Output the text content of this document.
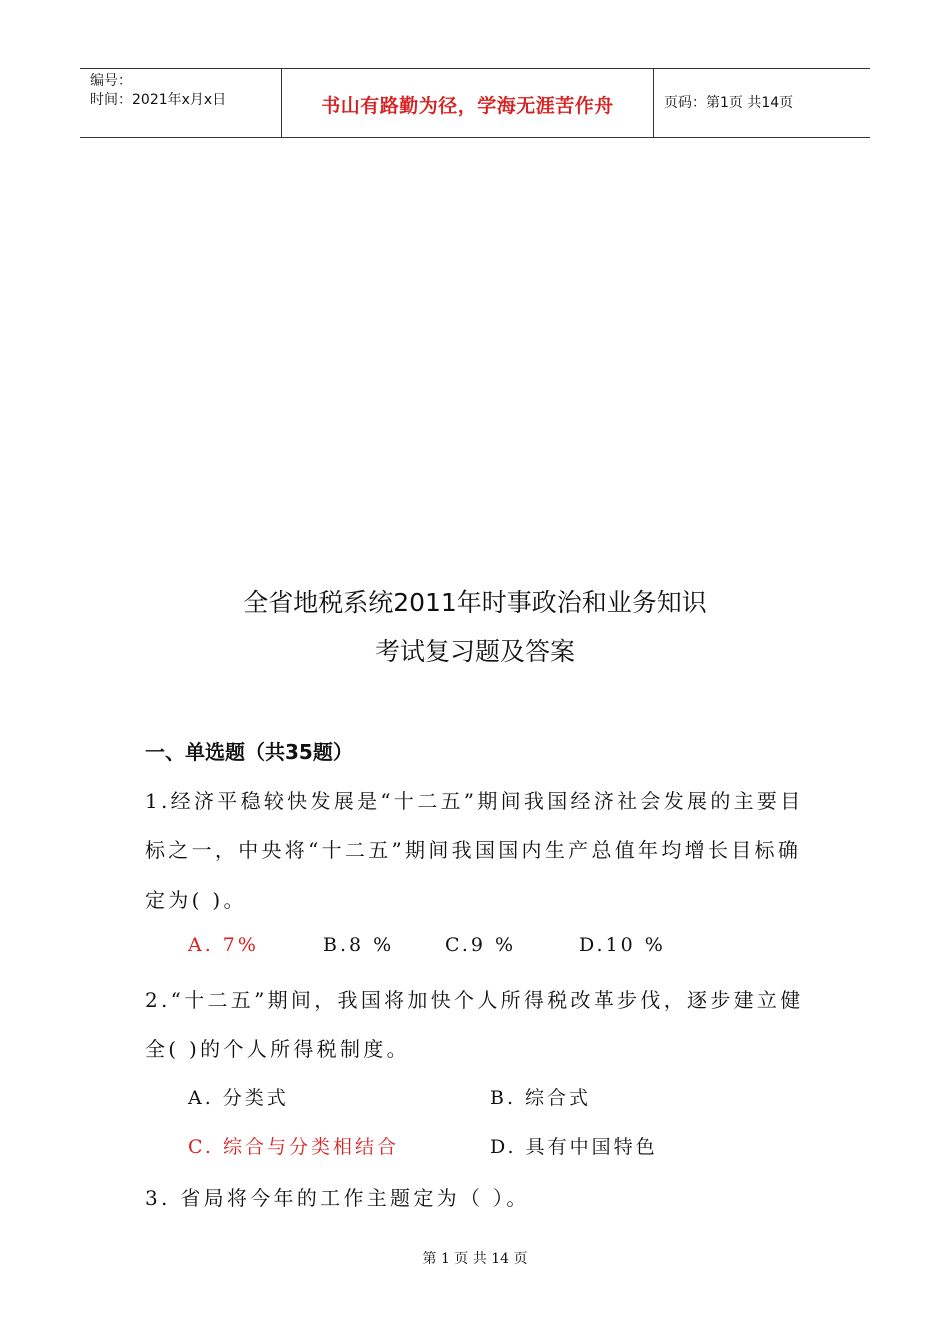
编号：
时间：2021年x月x日	书山有路勤为径，学海无涯苦作舟	页码：第1页 共14页
全省地税系统2011年时事政治和业务知识
考试复习题及答案
一、单选题（共35题）
1.经济平稳较快发展是“十二五”期间我国经济社会发展的主要目
标之一，中央将“十二五”期间我国国内生产总值年均增长目标确
定为( )。
A. 7%	B.8 %	C.9 %	D.10 %
2.“十二五”期间，我国将加快个人所得税改革步伐，逐步建立健
全( )的个人所得税制度。
A. 分类式	B. 综合式
C. 综合与分类相结合	D. 具有中国特色
3. 省局将今年的工作主题定为（ ）。
第 1 页 共 14 页
